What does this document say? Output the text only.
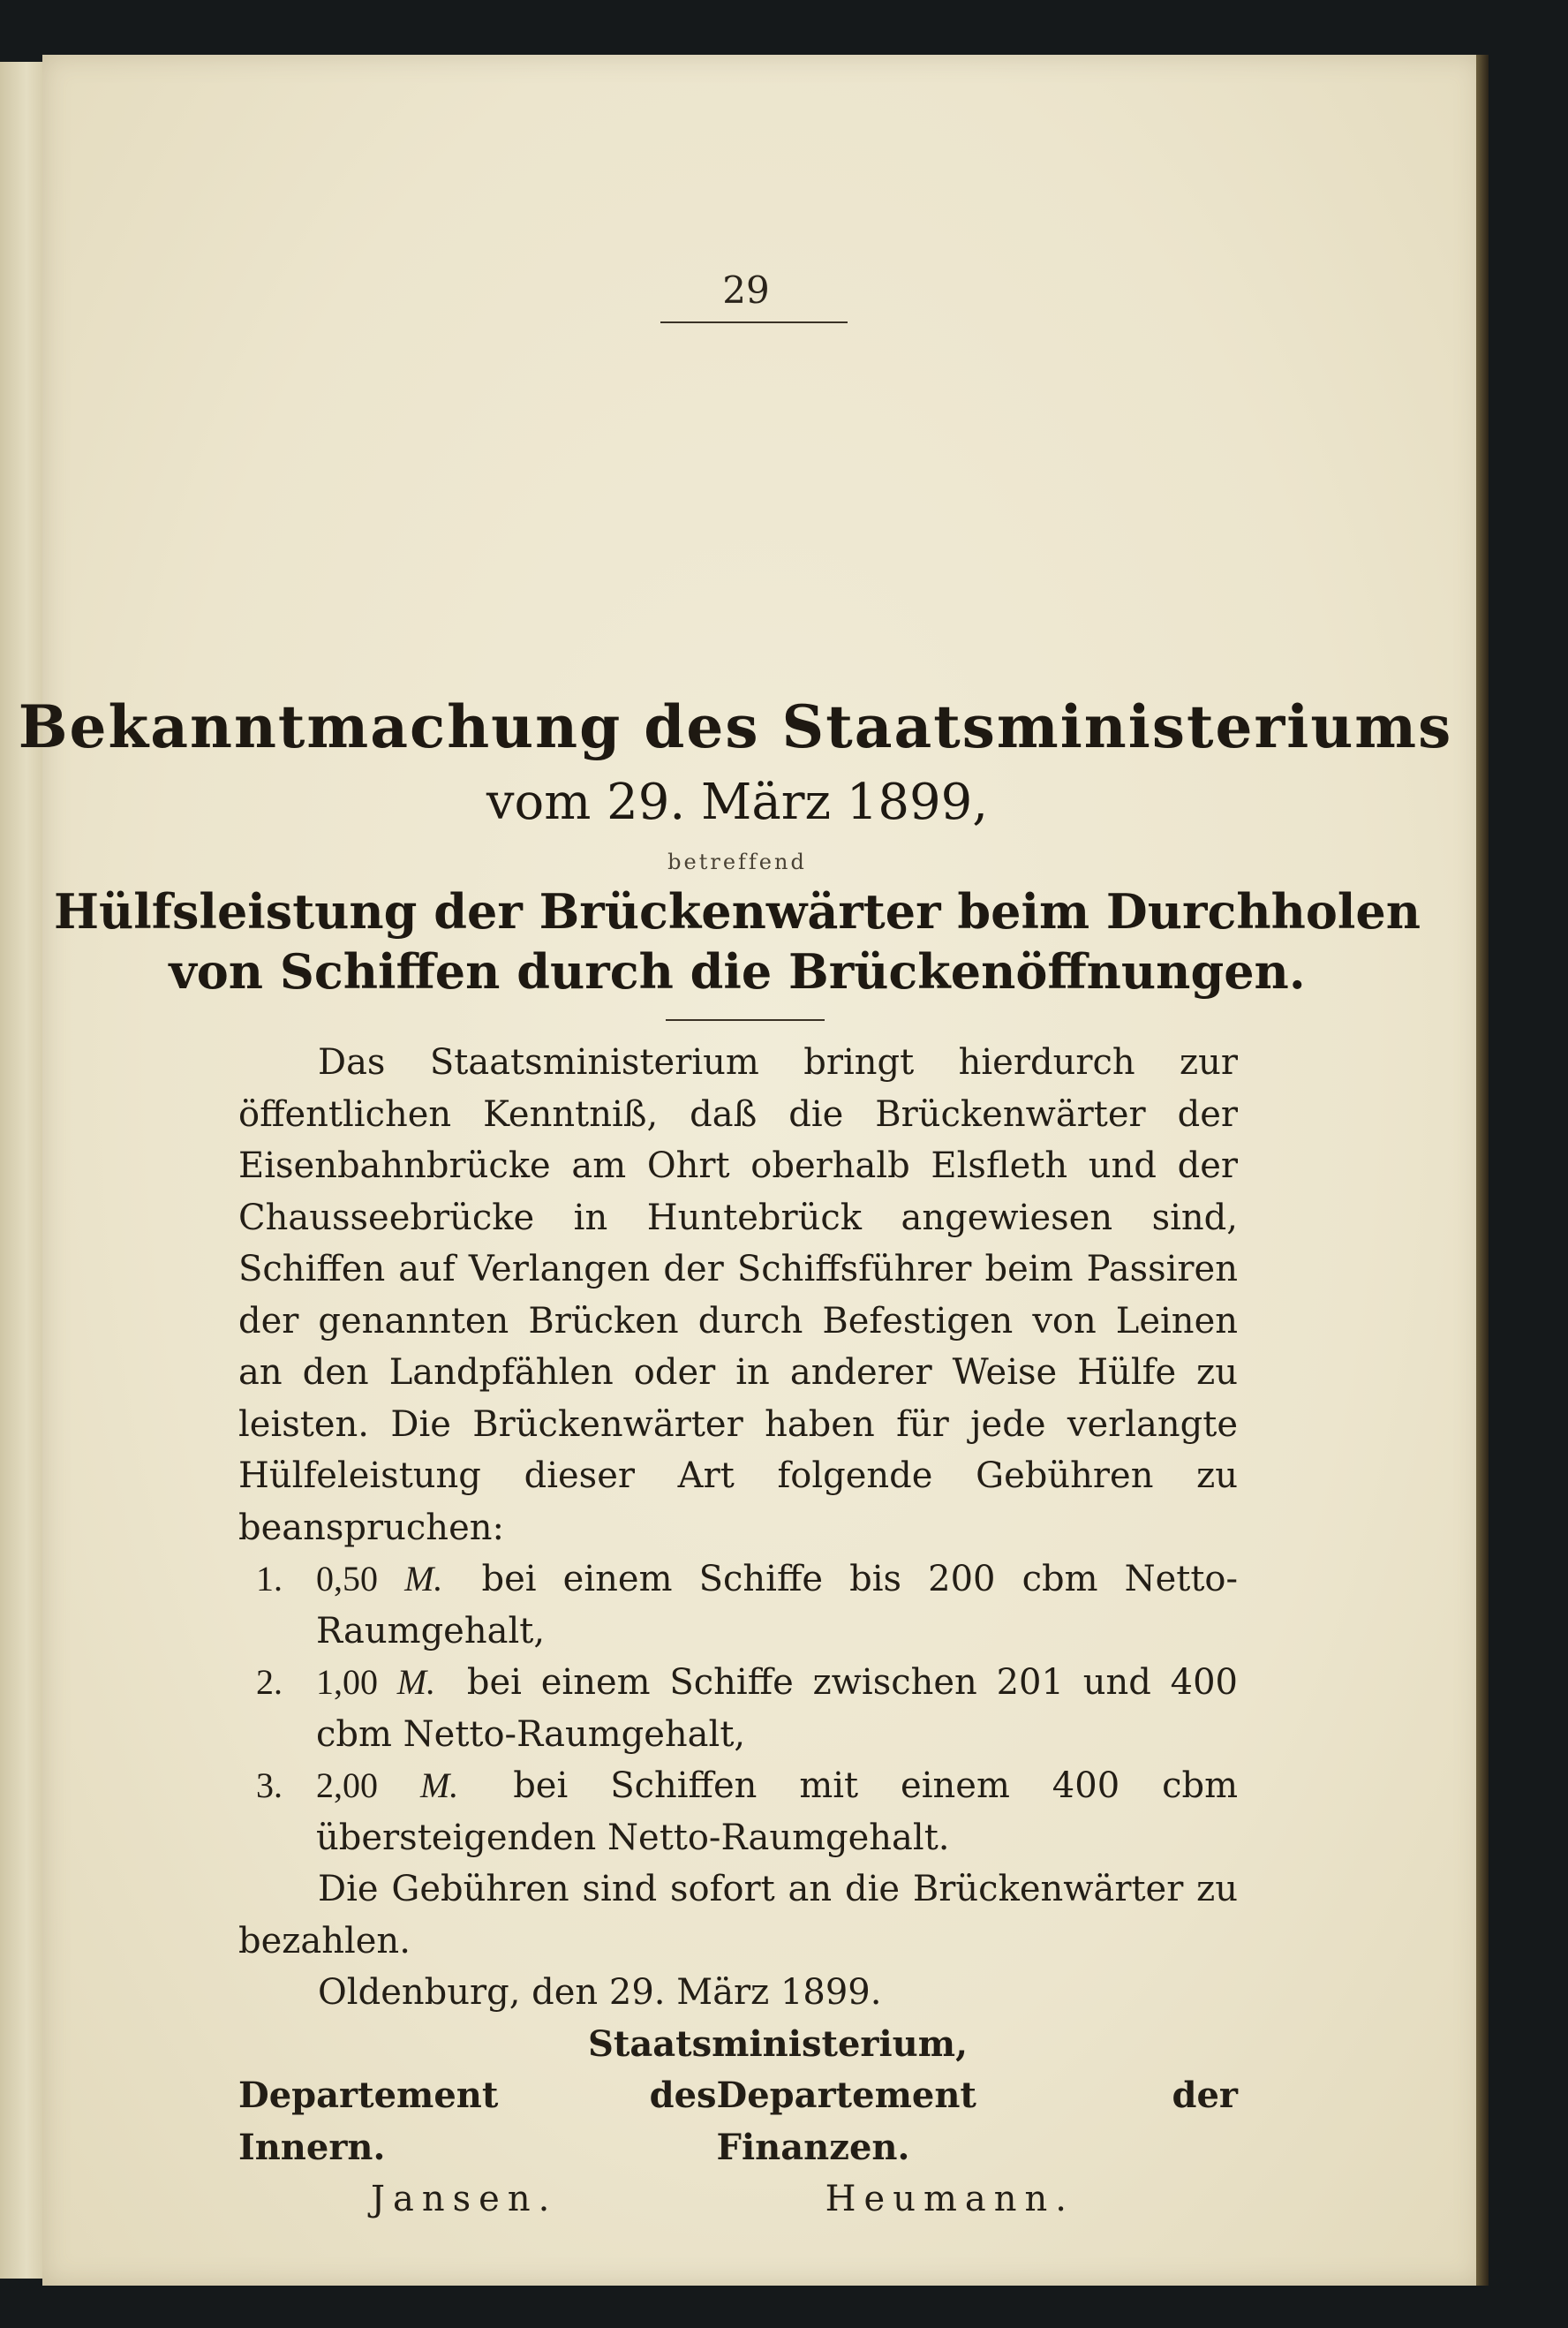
29
Bekanntmachung des Staatsministeriums
vom 29. März 1899,
betreffend
Hülfsleistung der Brückenwärter beim Durchholen
von Schiffen durch die Brückenöffnungen.

Das Staatsministerium bringt hierdurch zur öffentlichen Kenntniß, daß die Brückenwärter der Eisenbahnbrücke am Ohrt oberhalb Elsfleth und der Chausseebrücke in Huntebrück angewiesen sind, Schiffen auf Verlangen der Schiffsführer beim Passiren der genannten Brücken durch Befestigen von Leinen an den Landpfählen oder in anderer Weise Hülfe zu leisten. Die Brückenwärter haben für jede verlangte Hülfeleistung dieser Art folgende Gebühren zu beanspruchen:

1. 0,50 M. bei einem Schiffe bis 200 cbm Netto-Raumgehalt,
2. 1,00 M. bei einem Schiffe zwischen 201 und 400 cbm Netto-Raumgehalt,
3. 2,00 M. bei Schiffen mit einem 400 cbm übersteigenden Netto-Raumgehalt.

Die Gebühren sind sofort an die Brückenwärter zu bezahlen.

Oldenburg, den 29. März 1899.

Staatsministerium,
Departement des Innern.
Departement der Finanzen.
Jansen.	Heumann.
